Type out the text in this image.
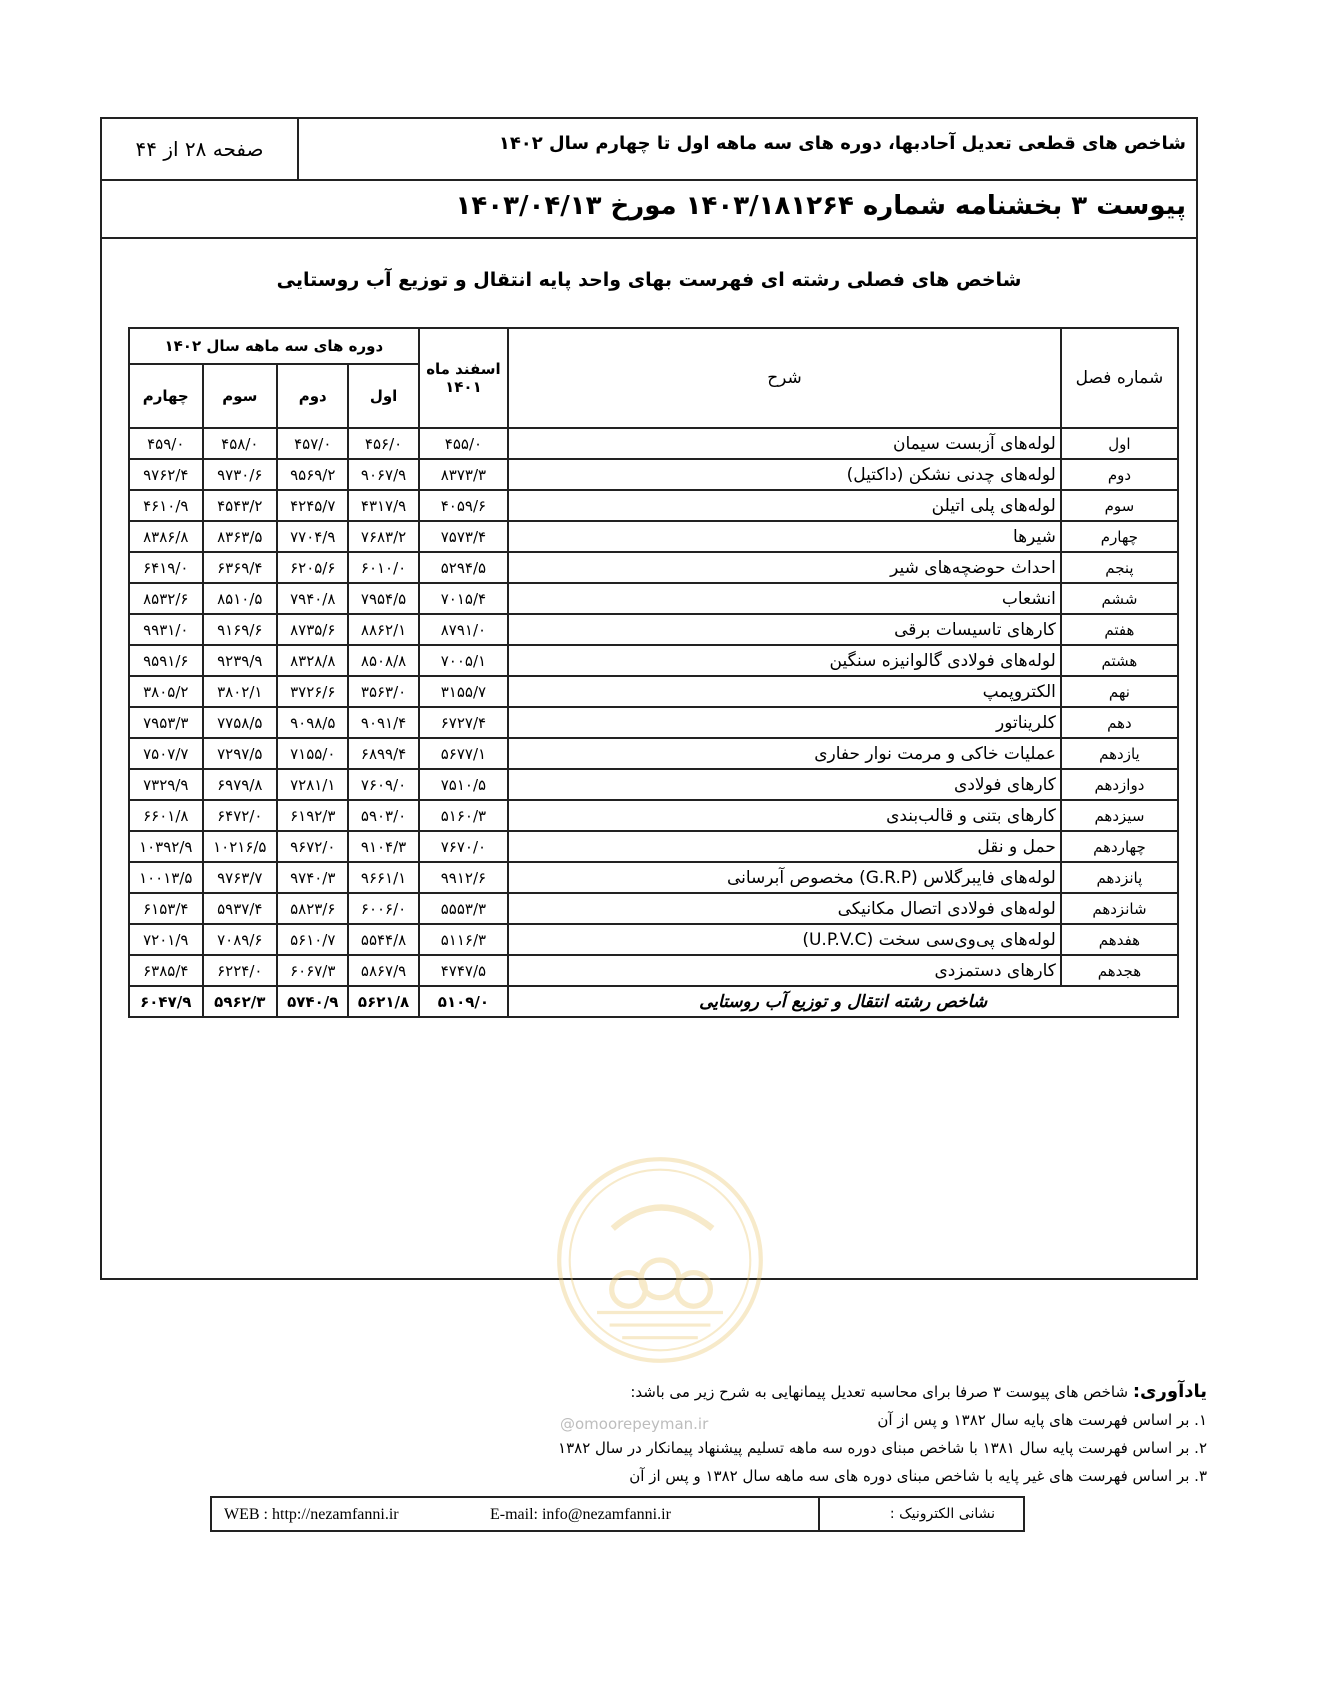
شاخص های قطعی تعدیل آحادبها، دوره های سه ماهه اول تا چهارم سال ۱۴۰۲
صفحه ۲۸ از ۴۴
پیوست ۳ بخشنامه شماره ۱۴۰۳/۱۸۱۲۶۴ مورخ ۱۴۰۳/۰۴/۱۳
شاخص های فصلی رشته ای فهرست بهای واحد پایه انتقال و توزیع آب روستایی
شماره فصل	شرح	اسفند ماه
۱۴۰۱	دوره های سه ماهه سال ۱۴۰۲			
			اول	دوم	سوم	چهارم
اول	لوله‌های آزبست سیمان	۴۵۵/۰	۴۵۶/۰	۴۵۷/۰	۴۵۸/۰	۴۵۹/۰
دوم	لوله‌های چدنی نشکن (داکتیل)	۸۳۷۳/۳	۹۰۶۷/۹	۹۵۶۹/۲	۹۷۳۰/۶	۹۷۶۲/۴
سوم	لوله‌های پلی اتیلن	۴۰۵۹/۶	۴۳۱۷/۹	۴۲۴۵/۷	۴۵۴۳/۲	۴۶۱۰/۹
چهارم	شیرها	۷۵۷۳/۴	۷۶۸۳/۲	۷۷۰۴/۹	۸۳۶۳/۵	۸۳۸۶/۸
پنجم	احداث حوضچه‌های شیر	۵۲۹۴/۵	۶۰۱۰/۰	۶۲۰۵/۶	۶۳۶۹/۴	۶۴۱۹/۰
ششم	انشعاب	۷۰۱۵/۴	۷۹۵۴/۵	۷۹۴۰/۸	۸۵۱۰/۵	۸۵۳۲/۶
هفتم	کارهای تاسیسات برقی	۸۷۹۱/۰	۸۸۶۲/۱	۸۷۳۵/۶	۹۱۶۹/۶	۹۹۳۱/۰
هشتم	لوله‌های فولادی گالوانیزه سنگین	۷۰۰۵/۱	۸۵۰۸/۸	۸۳۲۸/۸	۹۲۳۹/۹	۹۵۹۱/۶
نهم	الکتروپمپ	۳۱۵۵/۷	۳۵۶۳/۰	۳۷۲۶/۶	۳۸۰۲/۱	۳۸۰۵/۲
دهم	کلریناتور	۶۷۲۷/۴	۹۰۹۱/۴	۹۰۹۸/۵	۷۷۵۸/۵	۷۹۵۳/۳
یازدهم	عملیات خاکی و مرمت نوار حفاری	۵۶۷۷/۱	۶۸۹۹/۴	۷۱۵۵/۰	۷۲۹۷/۵	۷۵۰۷/۷
دوازدهم	کارهای فولادی	۷۵۱۰/۵	۷۶۰۹/۰	۷۲۸۱/۱	۶۹۷۹/۸	۷۳۲۹/۹
سیزدهم	کارهای بتنی و قالب‌بندی	۵۱۶۰/۳	۵۹۰۳/۰	۶۱۹۲/۳	۶۴۷۲/۰	۶۶۰۱/۸
چهاردهم	حمل و نقل	۷۶۷۰/۰	۹۱۰۴/۳	۹۶۷۲/۰	۱۰۲۱۶/۵	۱۰۳۹۲/۹
پانزدهم	لوله‌های فایبرگلاس (G.R.P) مخصوص آبرسانی	۹۹۱۲/۶	۹۶۶۱/۱	۹۷۴۰/۳	۹۷۶۳/۷	۱۰۰۱۳/۵
شانزدهم	لوله‌های فولادی اتصال مکانیکی	۵۵۵۳/۳	۶۰۰۶/۰	۵۸۲۳/۶	۵۹۳۷/۴	۶۱۵۳/۴
هفدهم	لوله‌های پی‌وی‌سی سخت (U.P.V.C)	۵۱۱۶/۳	۵۵۴۴/۸	۵۶۱۰/۷	۷۰۸۹/۶	۷۲۰۱/۹
هجدهم	کارهای دستمزدی	۴۷۴۷/۵	۵۸۶۷/۹	۶۰۶۷/۳	۶۲۲۴/۰	۶۳۸۵/۴
شاخص رشته انتقال و توزیع آب روستایی		۵۱۰۹/۰	۵۶۲۱/۸	۵۷۴۰/۹	۵۹۶۲/۳	۶۰۴۷/۹
یادآوری: شاخص های پیوست ۳ صرفا برای محاسبه تعدیل پیمانهایی به شرح زیر می باشد:
۱. بر اساس فهرست های پایه سال ۱۳۸۲ و پس از آن
۲. بر اساس فهرست پایه سال ۱۳۸۱ با شاخص مبنای دوره سه ماهه تسلیم پیشنهاد پیمانکار در سال ۱۳۸۲
۳. بر اساس فهرست های غیر پایه با شاخص مبنای دوره های سه ماهه سال ۱۳۸۲ و پس از آن
@omoorepeyman.ir
WEB : http://nezamfanni.ir	E-mail: info@nezamfanni.ir	نشانی الکترونیک :
